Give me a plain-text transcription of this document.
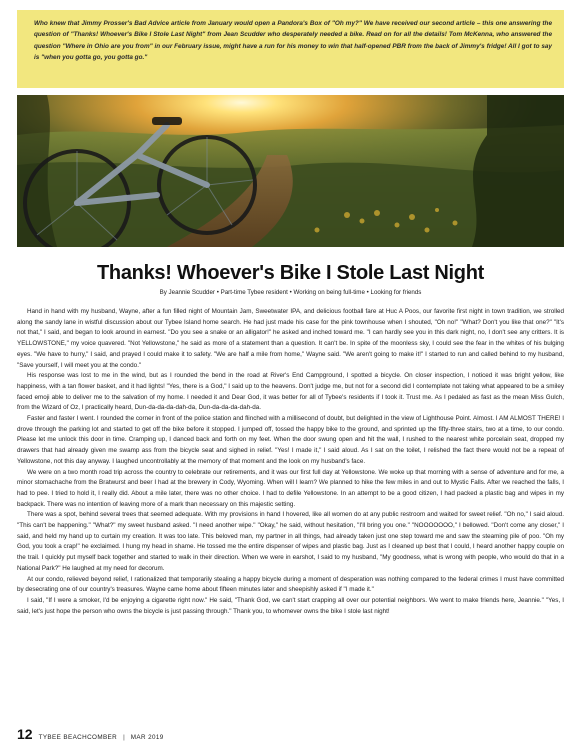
Who knew that Jimmy Prosser's Bad Advice article from January would open a Pandora's Box of "Oh my?" We have received our second article – this one answering the question of "Thanks! Whoever's Bike I Stole Last Night" from Jean Scudder who desperately needed a bike. Read on for all the details! Tom McKenna, who answered the question "Where in Ohio are you from" in our February issue, might have a run for his money to win that half-opened PBR from the back of Jimmy's fridge! All I got to say is "when you gotta go, you gotta go."

Thanks! Whoever's Bike I Stole Last Night

By Jeannie Scudder • Part-time Tybee resident • Working on being full-time • Looking for friends

Hand in hand with my husband, Wayne, after a fun filled night of Mountain Jam, Sweetwater IPA, and delicious football fare at Huc A Poos, our favorite first night in town tradition, we strolled along the sandy lane in wistful discussion about our Tybee Island home search. He had just made his case for the pink townhouse when I shouted, "Oh no!" "What? Don't you like that one?" "It's not that," I said, and began to look around in earnest. "Do you see a snake or an alligator!" he asked and inched toward me. "I can hardly see you in this dark night, no, I don't see any critters. It is YELLOWSTONE," my voice quavered. "Not Yellowstone," he said as more of a statement than a question. It can't be. In spite of the moonless sky, I could see the fear in the whites of his bulging eyes. "We have to hurry," I said, and prayed I could make it to safety. "We are half a mile from home," Wayne said. "We aren't going to make it!" I started to run and called behind to my husband, "Save yourself, I will meet you at the condo."

His response was lost to me in the wind, but as I rounded the bend in the road at River's End Campground, I spotted a bicycle. On closer inspection, I noticed it was bright yellow, like happiness, with a tan flower basket, and it had lights! "Yes, there is a God," I said up to the heavens. Don't judge me, but not for a second did I contemplate not taking what appeared to be a smiley faced emoji able to deliver me to the salvation of my home. I needed it and Dear God, it was better for all of Tybee's residents if I took it. Trust me. As I pedaled as fast as the mean Miss Gulch, from the Wizard of Oz, I practically heard, Dun-da-da-da-dah-da, Dun-da-da-da-dah-da.

Faster and faster I went. I rounded the corner in front of the police station and flinched with a millisecond of doubt, but delighted in the view of Lighthouse Point. Almost. I AM ALMOST THERE! I drove through the parking lot and started to get off the bike before it stopped. I jumped off, tossed the happy bike to the ground, and sprinted up the fifty-three stairs, two at a time, to our condo. Please let me unlock this door in time. Cramping up, I danced back and forth on my feet. When the door swung open and hit the wall, I rushed to the nearest white porcelain seat, dropped my drawers that had already given me swamp ass from the bicycle seat and sighed in relief. "Yes! I made it," I said aloud. As I sat on the toilet, I relished the fact there would not be a repeat of Yellowstone, not this day anyway. I laughed uncontrollably at the memory of that moment and the look on my husband's face.

We were on a two month road trip across the country to celebrate our retirements, and it was our first full day at Yellowstone. We woke up that morning with a sense of adventure and for me, a minor stomachache from the Bratwurst and beer I had at the brewery in Cody, Wyoming. When will I learn? We planned to hike the few miles in and out to Mystic Falls. After we reached the falls, I had to pee. I tried to hold it, I really did. About a mile later, there was no other choice. I had to defile Yellowstone. In an attempt to be a good citizen, I had packed a plastic bag and wipes in my backpack. There was no intention of leaving more of a mark than necessary on this majestic setting.

There was a spot, behind several trees that seemed adequate. With my provisions in hand I hovered, like all women do at any public restroom and waited for sweet relief. "Oh no," I said aloud. "This can't be happening." "What?" my sweet husband asked. "I need another wipe." "Okay," he said, without hesitation, "I'll bring you one." "NOOOOOOO," I bellowed. "Don't come any closer," I said, and held my hand up to curtain my creation. It was too late. This beloved man, my partner in all things, had already taken just one step toward me and saw the steaming pile of poo. "Oh my God, you took a crap!" he exclaimed. I hung my head in shame. He tossed me the entire dispenser of wipes and plastic bag. Just as I cleaned up best that I could, I heard another happy couple on the trail. I quickly put myself back together and started to walk in their direction. When we were in earshot, I said to my husband, "My goodness, what is wrong with people, who would do that in a National Park?" He laughed at my need for decorum.

At our condo, relieved beyond relief, I rationalized that temporarily stealing a happy bicycle during a moment of desperation was nothing compared to the federal crimes I must have committed by desecrating one of our country's treasures. Wayne came home about fifteen minutes later and sheepishly asked if "I made it."

I said, "If I were a smoker, I'd be enjoying a cigarette right now." He said, "Thank God, we can't start crapping all over our potential neighbors. We went to make friends here, Jeannie." "Yes, I said, let's just hope the person who owns the bicycle is just passing through." Thank you, to whomever owns the bike I stole last night!

12 TYBEE BEACHCOMBER | MAR 2019
